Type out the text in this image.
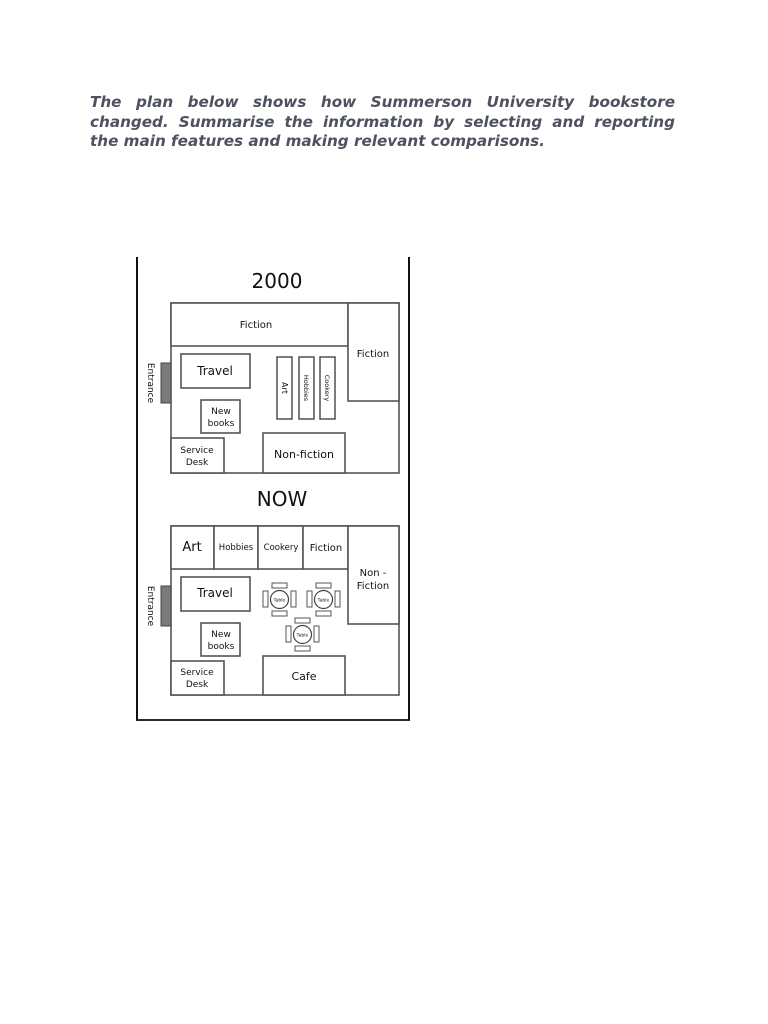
The plan below shows how Summerson University bookstore changed. Summarise the information by selecting and reporting the main features and making relevant comparisons.
2000
Fiction
Fiction
Entrance	Travel
New
books
Art Hobbies Cookery
Service
Desk
Non-fiction
NOW
Art Hobbies Cookery Fiction
Non -
Fiction
Entrance	Travel
New
books
Table	Table
Table
Service
Desk
Cafe
